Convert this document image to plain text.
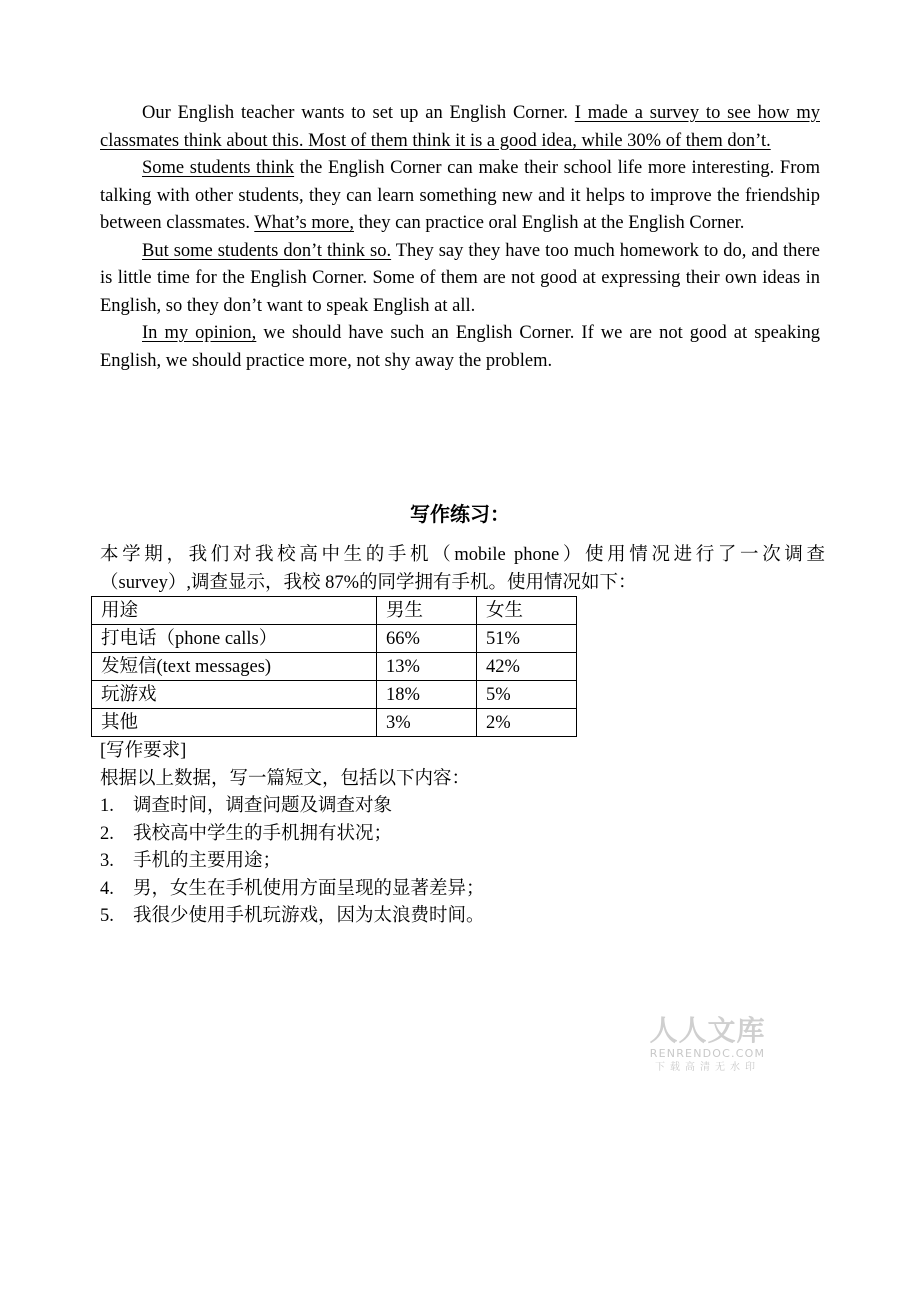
Our English teacher wants to set up an English Corner. I made a survey to see how my classmates think about this. Most of them think it is a good idea, while 30% of them don’t.

Some students think the English Corner can make their school life more interesting. From talking with other students, they can learn something new and it helps to improve the friendship between classmates. What’s more, they can practice oral English at the English Corner.

But some students don’t think so. They say they have too much homework to do, and there is little time for the English Corner. Some of them are not good at expressing their own ideas in English, so they don’t want to speak English at all.

In my opinion, we should have such an English Corner. If we are not good at speaking English, we should practice more, not shy away the problem.

写作练习：
本学期，我们对我校高中生的手机（mobile phone）使用情况进行了一次调查
（survey）,调查显示，我校 87%的同学拥有手机。使用情况如下：
用途	男生	女生
打电话（phone calls）	66%	51%
发短信(text messages)	13%	42%
玩游戏	18%	5%
其他	3%	2%
[写作要求]
根据以上数据，写一篇短文，包括以下内容：
1.	调查时间，调查问题及调查对象
2.	我校高中学生的手机拥有状况；
3.	手机的主要用途；
4.	男，女生在手机使用方面呈现的显著差异；
5.	我很少使用手机玩游戏，因为太浪费时间。
人人文库
RENRENDOC.COM
下载高清无水印
